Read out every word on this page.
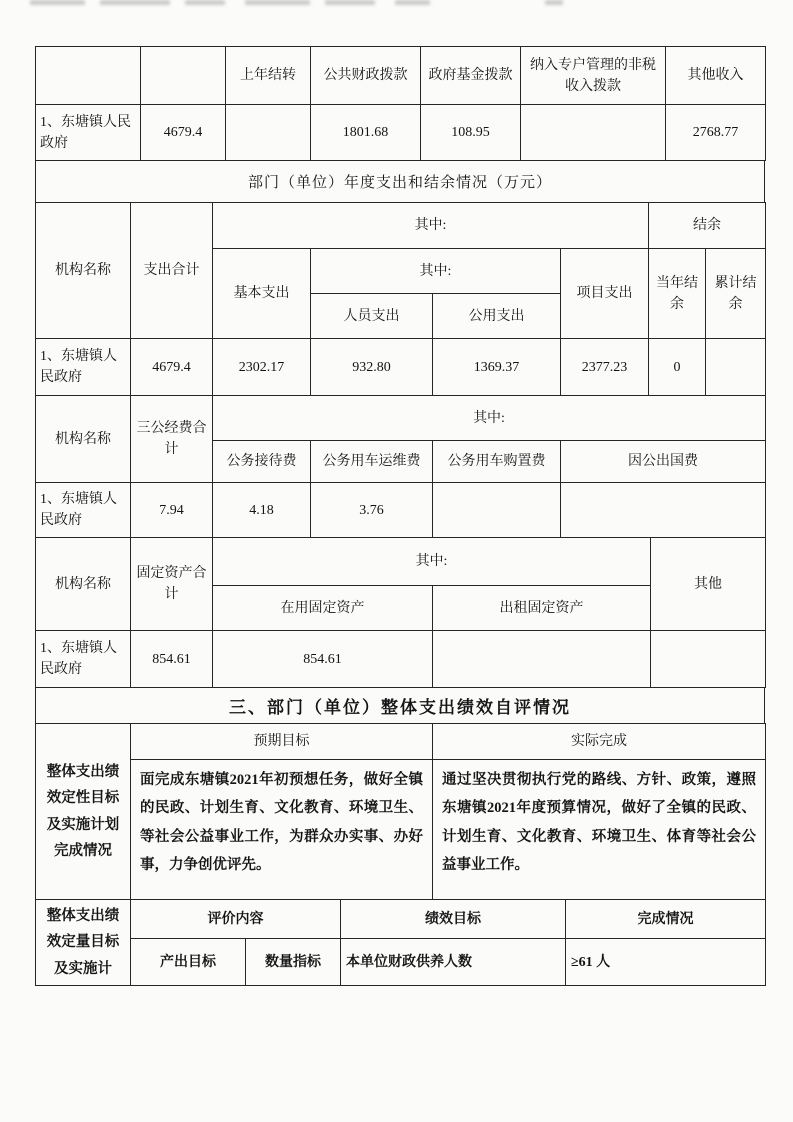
		上年结转	公共财政拨款	政府基金拨款	纳入专户管理的非税收入拨款	其他收入
1、东塘镇人民政府	4679.4		1801.68	108.95		2768.77
部门（单位）年度支出和结余情况（万元）
机构名称	支出合计	其中:				结余	
		基本支出	其中:		项目支出	当年结余	累计结余
			人员支出	公用支出			
1、东塘镇人民政府	4679.4	2302.17	932.80	1369.37	2377.23	0	
机构名称	三公经费合计	其中:			
		公务接待费	公务用车运维费	公务用车购置费	因公出国费
1、东塘镇人民政府	7.94	4.18	3.76		
机构名称	固定资产合计	其中:		其他
		在用固定资产	出租固定资产	
1、东塘镇人民政府	854.61	854.61		
三、部门（单位）整体支出绩效自评情况
整体支出绩效定性目标及实施计划完成情况	预期目标	实际完成
	面完成东塘镇2021年初预想任务，做好全镇的民政、计划生育、文化教育、环境卫生、等社会公益事业工作，为群众办实事、办好事，力争创优评先。	通过坚决贯彻执行党的路线、方针、政策，遵照东塘镇2021年度预算情况，做好了全镇的民政、计划生育、文化教育、环境卫生、体育等社会公益事业工作。
整体支出绩效定量目标及实施计	评价内容		绩效目标	完成情况
	产出目标	数量指标	本单位财政供养人数	≥61 人
